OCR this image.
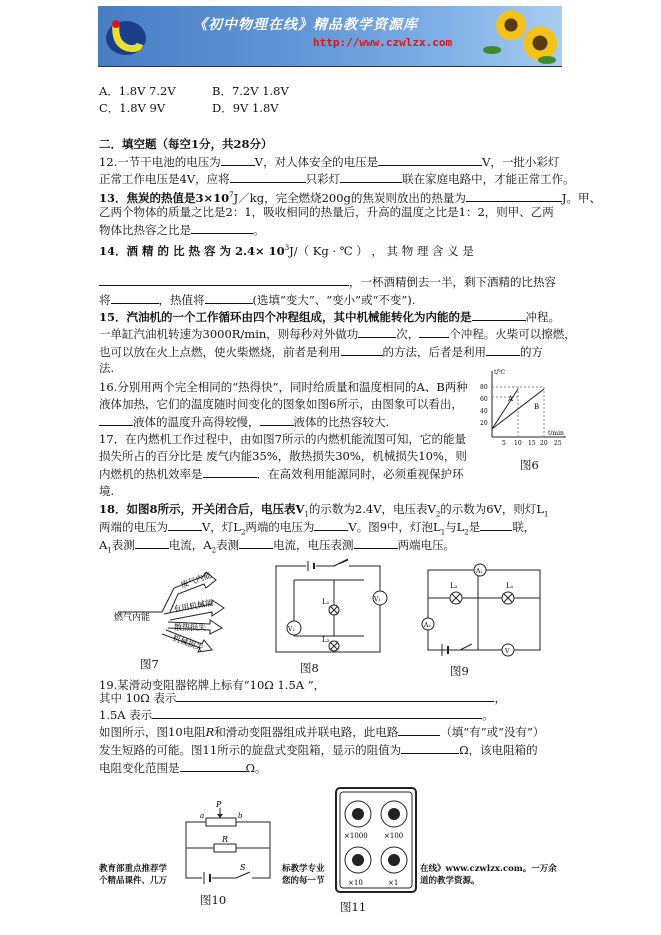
《初中物理在线》精品教学资源库
http://www.czwlzx.com
A．1.8V 7.2V	B．7.2V 1.8V
C．1.8V 9V	D．9V 1.8V
二．填空题（每空1分，共28分）
12.一节干电池的电压为	V，对人体安全的电压是	V，一批小彩灯
正常工作电压是4V，应将	只彩灯	联在家庭电路中，才能正常工作。
13．焦炭的热值是$3\times 10^7J/kg$，完全燃烧200g的焦炭则放出的热量为	J。甲、
乙两个物体的质量之比是2：1，吸收相同的热量后，升高的温度之比是1：2，则甲、乙两
物体比热容之比是	。
14．酒 精 的 比 热 容 为 $2.4\times 10^3J/$（ Kg · ℃ ） ， 其 物 理 含 义 是
，一杯酒精倒去一半，剩下酒精的比热容
将	，热值将	(选填“变大”、“变小”或“不变”).
15．汽油机的一个工作循环由四个冲程组成，其中机械能转化为内能的是	冲程。
一单缸汽油机转速为3000R/min，则每秒对外做功	次，	个冲程。火柴可以擦燃，
也可以放在火上点燃，使火柴燃烧，前者是利用	的方法，后者是利用	的方
法.
16.分别用两个完全相同的“热得快”，同时给质量和温度相同的A、B两种
液体加热，它们的温度随时间变化的图象如图6所示，由图象可以看出，
液体的温度升高得较慢，	液体的比热容较大.
17．在内燃机工作过程中，由如图7所示的内燃机能流图可知，它的能量
损失所占的百分比是 废气内能35%，散热损失30%，机械损失10%，则
内燃机的热机效率是	．在高效利用能源同时，必须重视保护环
境.
t/℃
t/min
80
60
40
20
5 10 15 20 25
A
B
图6
18．如图8所示，开关闭合后，电压表$V_1$的示数为2.4V，电压表$V_2$的示数为6V，则灯$L_1$
两端的电压为	V，灯$L_2$两端的电压为	V。图9中，灯泡$L_1$与$L_2$是	联，
$A_1$表测	电流，$A_2$表测	电流，电压表测	两端电压。
燃气内能
废气内能
有用机械能
散热损失
机械损失
图7
L₁
L₂
V₁
V₂
图8
A₁
A₂
V
L₂	L₁
图9
19.某滑动变阻器铭牌上标有“10Ω 1.5A ”，
其中 10Ω 表示	，
1.5A 表示	。
如图所示，图10电阻R和滑动变阻器组成并联电路，此电路	（填“有”或“没有”）
发生短路的可能。图11所示的旋盘式变阻箱，显示的阻值为	Ω，该电阻箱的
电阻变化范围是	Ω。
P
a	b
R
S
图10
×1000 ×100
×10	×1
图11
教育部重点推荐学
个精品课件、几万
标教学专业
您的每一节
在线》www.czwlzx.com。一万余
道的教学资源。
